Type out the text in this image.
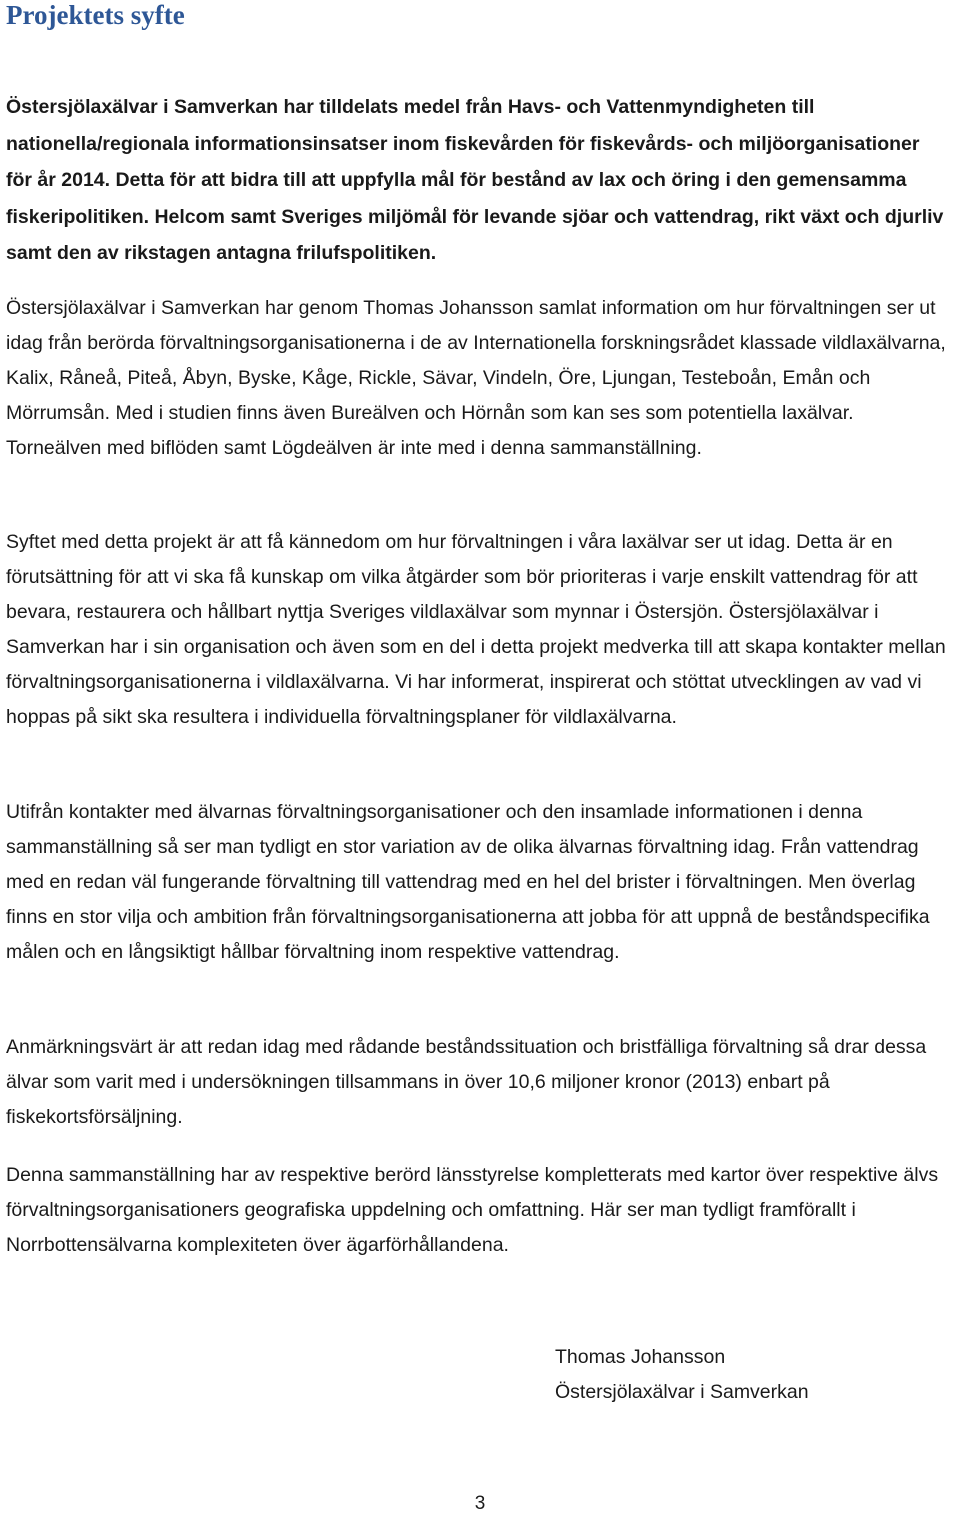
Projektets syfte

Östersjölaxälvar i Samverkan har tilldelats medel från Havs- och Vattenmyndigheten till nationella/regionala informationsinsatser inom fiskevården för fiskevårds- och miljöorganisationer för år 2014. Detta för att bidra till att uppfylla mål för bestånd av lax och öring i den gemensamma fiskeripolitiken. Helcom samt Sveriges miljömål för levande sjöar och vattendrag, rikt växt och djurliv samt den av rikstagen antagna frilufspolitiken.

Östersjölaxälvar i Samverkan har genom Thomas Johansson samlat information om hur förvaltningen ser ut idag från berörda förvaltningsorganisationerna i de av Internationella forskningsrådet klassade vildlaxälvarna, Kalix, Råneå, Piteå, Åbyn, Byske, Kåge, Rickle, Sävar, Vindeln, Öre, Ljungan, Testeboån, Emån och Mörrumsån. Med i studien finns även Bureälven och Hörnån som kan ses som potentiella laxälvar. Torneälven med biflöden samt Lögdeälven är inte med i denna sammanställning.

Syftet med detta projekt är att få kännedom om hur förvaltningen i våra laxälvar ser ut idag. Detta är en förutsättning för att vi ska få kunskap om vilka åtgärder som bör prioriteras i varje enskilt vattendrag för att bevara, restaurera och hållbart nyttja Sveriges vildlaxälvar som mynnar i Östersjön. Östersjölaxälvar i Samverkan har i sin organisation och även som en del i detta projekt medverka till att skapa kontakter mellan förvaltningsorganisationerna i vildlaxälvarna. Vi har informerat, inspirerat och stöttat utvecklingen av vad vi hoppas på sikt ska resultera i individuella förvaltningsplaner för vildlaxälvarna.

Utifrån kontakter med älvarnas förvaltningsorganisationer och den insamlade informationen i denna sammanställning så ser man tydligt en stor variation av de olika älvarnas förvaltning idag. Från vattendrag med en redan väl fungerande förvaltning till vattendrag med en hel del brister i förvaltningen. Men överlag finns en stor vilja och ambition från förvaltningsorganisationerna att jobba för att uppnå de beståndspecifika målen och en långsiktigt hållbar förvaltning inom respektive vattendrag.

Anmärkningsvärt är att redan idag med rådande beståndssituation och bristfälliga förvaltning så drar dessa älvar som varit med i undersökningen tillsammans in över 10,6 miljoner kronor (2013) enbart på fiskekortsförsäljning.

Denna sammanställning har av respektive berörd länsstyrelse kompletterats med kartor över respektive älvs förvaltningsorganisationers geografiska uppdelning och omfattning. Här ser man tydligt framförallt i Norrbottensälvarna komplexiteten över ägarförhållandena.

Thomas Johansson
Östersjölaxälvar i Samverkan
3
